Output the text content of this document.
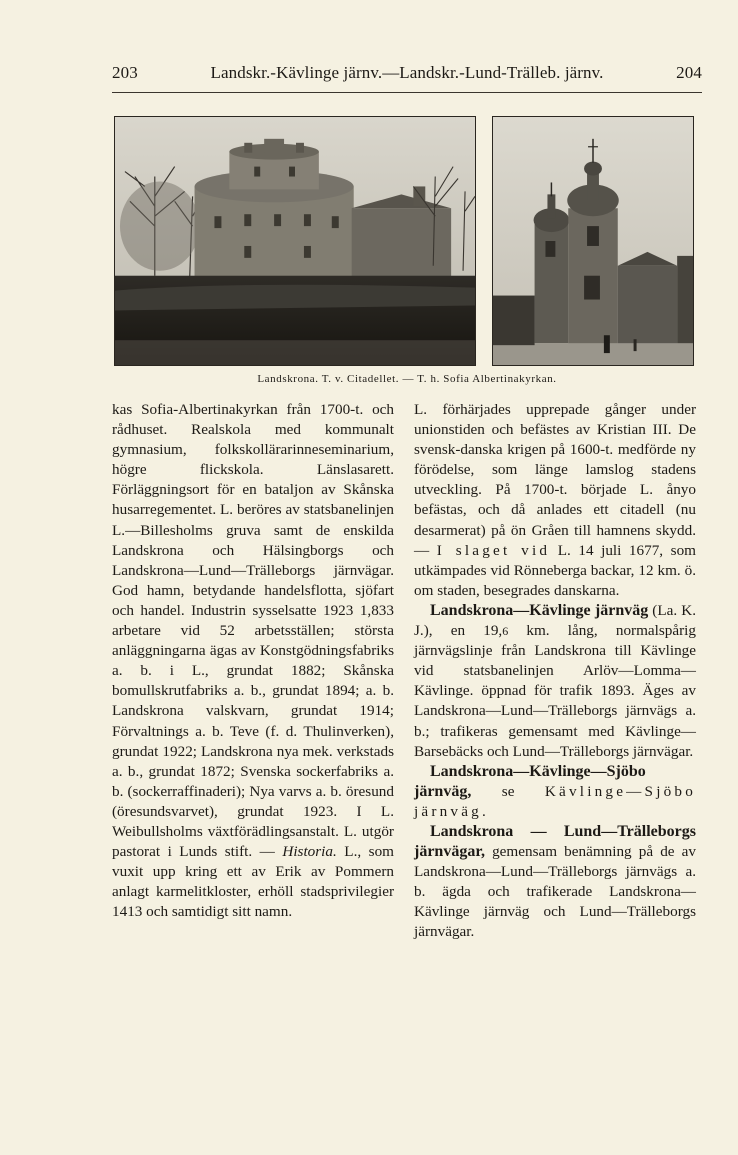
203	Landskr.-Kävlinge järnv.—Landskr.-Lund-Trälleb. järnv.	204
Landskrona. T. v. Citadellet. — T. h. Sofia Albertinakyrkan.

kas Sofia-Albertinakyrkan från 1700-t. och rådhuset. Realskola med kommunalt gymnasium, folkskollärarinneseminarium, högre flickskola. Länslasarett. Förläggningsort för en bataljon av Skånska husarregementet. L. beröres av statsbanelinjen L.—Billesholms gruva samt de enskilda Landskrona och Hälsingborgs och Landskrona—Lund—Trälleborgs järnvägar. God hamn, betydande handelsflotta, sjöfart och handel. Industrin sysselsatte 1923 1,833 arbetare vid 52 arbetsställen; största anläggningarna ägas av Konstgödningsfabriks a. b. i L., grundat 1882; Skånska bomullskrutfabriks a. b., grundat 1894; a. b. Landskrona valskvarn, grundat 1914; Förvaltnings a. b. Teve (f. d. Thulinverken), grundat 1922; Landskrona nya mek. verkstads a. b., grundat 1872; Svenska sockerfabriks a. b. (sockerraffinaderi); Nya varvs a. b. öresund (öresundsvarvet), grundat 1923. I L. Weibullsholms växtförädlingsanstalt. L. utgör pastorat i Lunds stift. — Historia. L., som vuxit upp kring ett av Erik av Pommern anlagt karmelitkloster, erhöll stadsprivilegier 1413 och samtidigt sitt namn.

L. förhärjades upprepade gånger under unionstiden och befästes av Kristian III. De svensk-danska krigen på 1600-t. medförde ny förödelse, som länge lamslog stadens utveckling. På 1700-t. började L. ånyo befästas, och då anlades ett citadell (nu desarmerat) på ön Gråen till hamnens skydd. — I slaget vid L. 14 juli 1677, som utkämpades vid Rönneberga backar, 12 km. ö. om staden, besegrades danskarna.

Landskrona—Kävlinge järnväg (La. K. J.), en 19,6 km. lång, normalspårig järnvägslinje från Landskrona till Kävlinge vid statsbanelinjen Arlöv—Lomma—Kävlinge. öppnad för trafik 1893. Äges av Landskrona—Lund—Trälleborgs järnvägs a. b.; trafikeras gemensamt med Kävlinge—Barsebäcks och Lund—Trälleborgs järnvägar.

Landskrona—Kävlinge—Sjöbo järnväg, se Kävlinge—Sjöbo järnväg.

Landskrona — Lund—Trälleborgs järnvägar, gemensam benämning på de av Landskrona—Lund—Trälleborgs järnvägs a. b. ägda och trafikerade Landskrona—Kävlinge järnväg och Lund—Trälleborgs järnvägar.
